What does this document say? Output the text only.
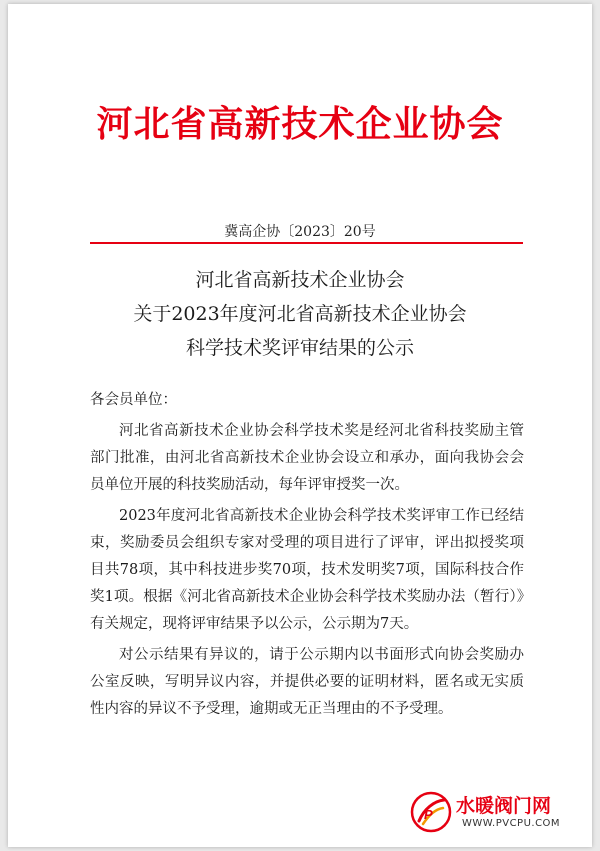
河北省高新技术企业协会
冀高企协〔2023〕20号
河北省高新技术企业协会
关于2023年度河北省高新技术企业协会
科学技术奖评审结果的公示

各会员单位：

河北省高新技术企业协会科学技术奖是经河北省科技奖励主管部门批准，由河北省高新技术企业协会设立和承办，面向我协会会员单位开展的科技奖励活动，每年评审授奖一次。

2023年度河北省高新技术企业协会科学技术奖评审工作已经结束，奖励委员会组织专家对受理的项目进行了评审，评出拟授奖项目共78项，其中科技进步奖70项，技术发明奖7项，国际科技合作奖1项。根据《河北省高新技术企业协会科学技术奖励办法（暂行）》有关规定，现将评审结果予以公示，公示期为7天。

对公示结果有异议的，请于公示期内以书面形式向协会奖励办公室反映，写明异议内容，并提供必要的证明材料，匿名或无实质性内容的异议不予受理，逾期或无正当理由的不予受理。

P 水暖阀门网
WWW.PVCPU.COM
